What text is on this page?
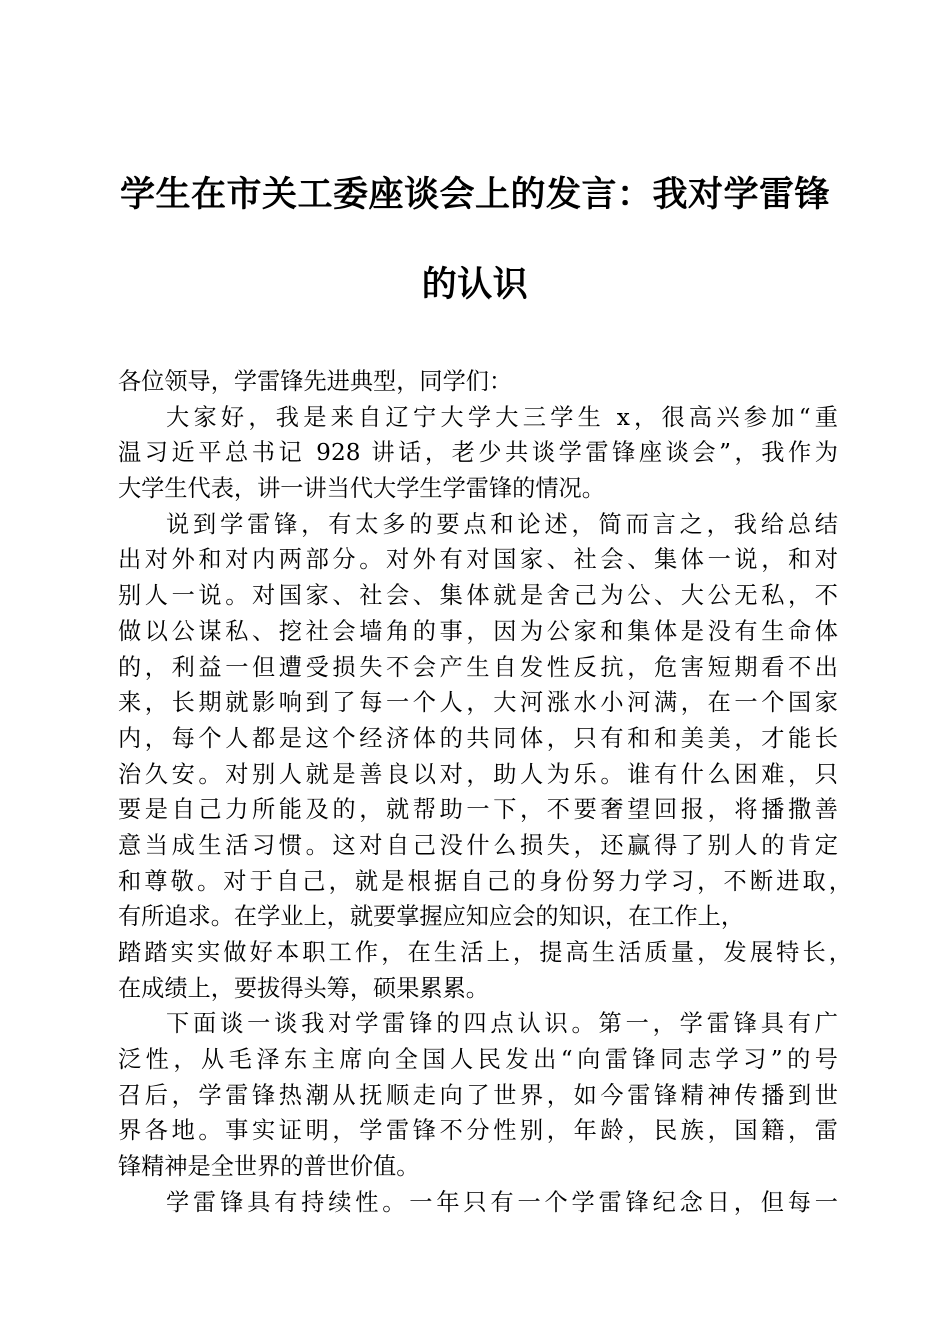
学生在市关工委座谈会上的发言：我对学雷锋
的认识
各位领导，学雷锋先进典型，同学们：
大家好，我是来自辽宁大学大三学生 x，很高兴参加“重
温习近平总书记 928 讲话，老少共谈学雷锋座谈会”，我作为
大学生代表，讲一讲当代大学生学雷锋的情况。
说到学雷锋，有太多的要点和论述，简而言之，我给总结
出对外和对内两部分。对外有对国家、社会、集体一说，和对
别人一说。对国家、社会、集体就是舍己为公、大公无私，不
做以公谋私、挖社会墙角的事，因为公家和集体是没有生命体
的，利益一但遭受损失不会产生自发性反抗，危害短期看不出
来，长期就影响到了每一个人，大河涨水小河满，在一个国家
内，每个人都是这个经济体的共同体，只有和和美美，才能长
治久安。对别人就是善良以对，助人为乐。谁有什么困难，只
要是自己力所能及的，就帮助一下，不要奢望回报，将播撒善
意当成生活习惯。这对自己没什么损失，还赢得了别人的肯定
和尊敬。对于自己，就是根据自己的身份努力学习，不断进取，
有所追求。在学业上，就要掌握应知应会的知识，在工作上，
踏踏实实做好本职工作，在生活上，提高生活质量，发展特长，
在成绩上，要拔得头筹，硕果累累。
下面谈一谈我对学雷锋的四点认识。第一，学雷锋具有广
泛性，从毛泽东主席向全国人民发出“向雷锋同志学习”的号
召后，学雷锋热潮从抚顺走向了世界，如今雷锋精神传播到世
界各地。事实证明，学雷锋不分性别，年龄，民族，国籍，雷
锋精神是全世界的普世价值。
学雷锋具有持续性。一年只有一个学雷锋纪念日，但每一
